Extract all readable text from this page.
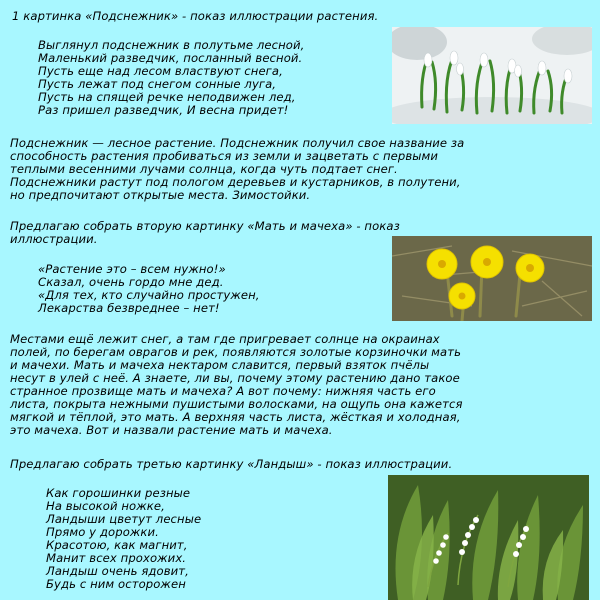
1 картинка «Подснежник» - показ иллюстрации растения.
Выглянул подснежник в полутьме лесной,
Маленький разведчик, посланный весной.
Пусть еще над лесом властвуют снега,
Пусть лежат под снегом сонные луга,
Пусть на спящей речке неподвижен лед,
Раз пришел разведчик, И весна придет!
Подснежник — лесное растение. Подснежник получил свое название за
способность растения пробиваться из земли и зацветать с первыми
теплыми весенними лучами солнца, когда чуть подтает снег.
Подснежники растут под пологом деревьев и кустарников, в полутени,
но предпочитают открытые места. Зимостойки.
Предлагаю собрать вторую картинку «Мать и мачеха» - показ
иллюстрации.
«Растение это – всем нужно!»
Сказал, очень гордо мне дед.
«Для тех, кто случайно простужен,
Лекарства безвреднее – нет!
Местами ещё лежит снег, а там где пригревает солнце на окраинах
полей, по берегам оврагов и рек, появляются золотые корзиночки мать
и мачехи. Мать и мачеха нектаром славится, первый взяток пчёлы
несут в улей с неё. А знаете, ли вы, почему этому растению дано такое
странное прозвище мать и мачеха? А вот почему: нижняя часть его
листа, покрыта нежными пушистыми волосками, на ощупь она кажется
мягкой и тёплой, это мать. А верхняя часть листа, жёсткая и холодная,
это мачеха. Вот и назвали растение мать и мачеха.
Предлагаю собрать третью картинку «Ландыш» - показ иллюстрации.
Как горошинки резные
На высокой ножке,
Ландыши цветут лесные
Прямо у дорожки.
Красотою, как магнит,
Манит всех прохожих.
Ландыш очень ядовит,
Будь с ним осторожен
